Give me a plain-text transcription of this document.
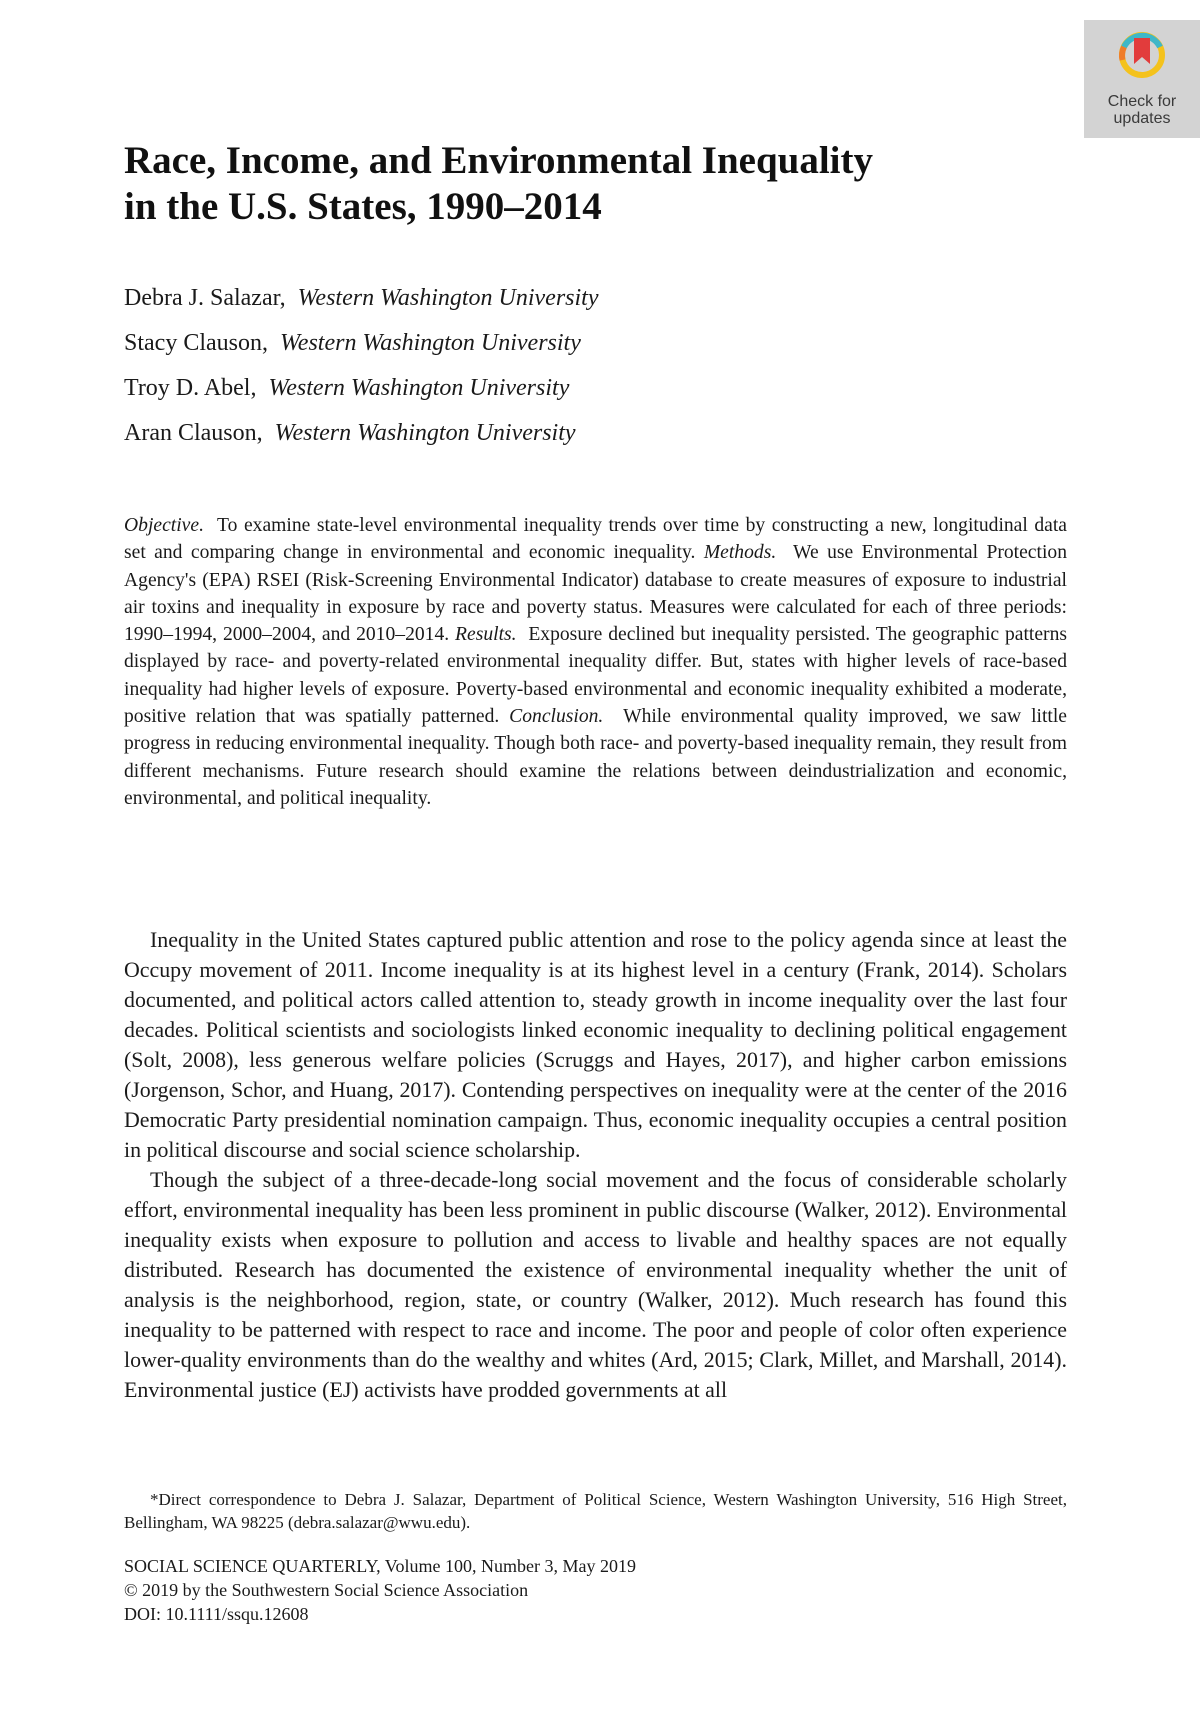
Check for updates
Race, Income, and Environmental Inequality
in the U.S. States, 1990–2014
Debra J. Salazar, Western Washington University
Stacy Clauson, Western Washington University
Troy D. Abel, Western Washington University
Aran Clauson, Western Washington University

Objective. To examine state-level environmental inequality trends over time by constructing a new, longitudinal data set and comparing change in environmental and economic inequality. Methods. We use Environmental Protection Agency's (EPA) RSEI (Risk-Screening Environmental Indicator) database to create measures of exposure to industrial air toxins and inequality in exposure by race and poverty status. Measures were calculated for each of three periods: 1990–1994, 2000–2004, and 2010–2014. Results. Exposure declined but inequality persisted. The geographic patterns displayed by race- and poverty-related environmental inequality differ. But, states with higher levels of race-based inequality had higher levels of exposure. Poverty-based environmental and economic inequality exhibited a moderate, positive relation that was spatially patterned. Conclusion. While environmental quality improved, we saw little progress in reducing environmental inequality. Though both race- and poverty-based inequality remain, they result from different mechanisms. Future research should examine the relations between deindustrialization and economic, environmental, and political inequality.

Inequality in the United States captured public attention and rose to the policy agenda since at least the Occupy movement of 2011. Income inequality is at its highest level in a century (Frank, 2014). Scholars documented, and political actors called attention to, steady growth in income inequality over the last four decades. Political scientists and sociologists linked economic inequality to declining political engagement (Solt, 2008), less generous welfare policies (Scruggs and Hayes, 2017), and higher carbon emissions (Jorgenson, Schor, and Huang, 2017). Contending perspectives on inequality were at the center of the 2016 Democratic Party presidential nomination campaign. Thus, economic inequality occupies a central position in political discourse and social science scholarship.

Though the subject of a three-decade-long social movement and the focus of considerable scholarly effort, environmental inequality has been less prominent in public discourse (Walker, 2012). Environmental inequality exists when exposure to pollution and access to livable and healthy spaces are not equally distributed. Research has documented the existence of environmental inequality whether the unit of analysis is the neighborhood, region, state, or country (Walker, 2012). Much research has found this inequality to be patterned with respect to race and income. The poor and people of color often experience lower-quality environments than do the wealthy and whites (Ard, 2015; Clark, Millet, and Marshall, 2014). Environmental justice (EJ) activists have prodded governments at all

*Direct correspondence to Debra J. Salazar, Department of Political Science, Western Washington University, 516 High Street, Bellingham, WA 98225 (debra.salazar@wwu.edu).

SOCIAL SCIENCE QUARTERLY, Volume 100, Number 3, May 2019
© 2019 by the Southwestern Social Science Association
DOI: 10.1111/ssqu.12608
